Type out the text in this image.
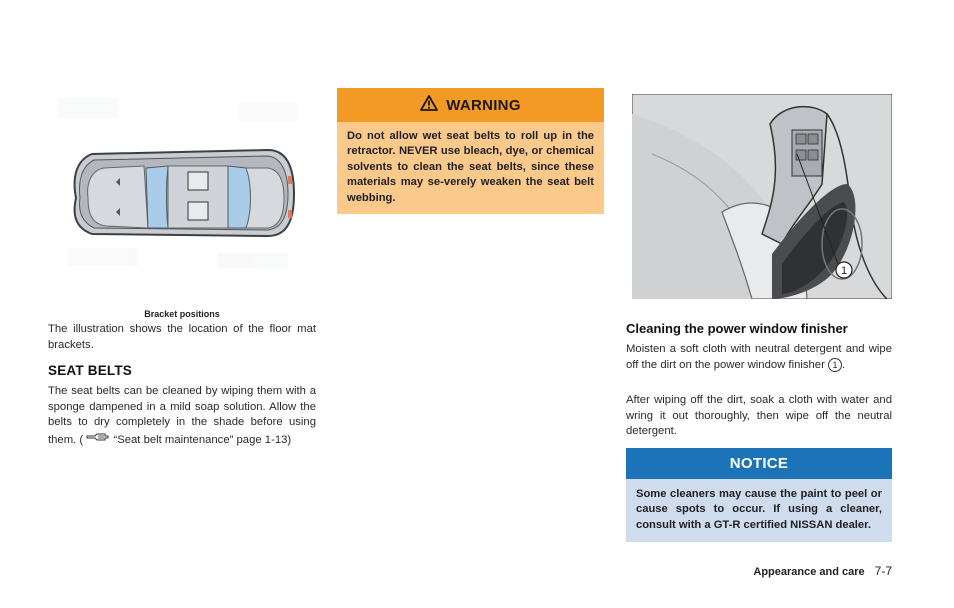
Bracket positions

The illustration shows the location of the floor mat brackets.

SEAT BELTS

The seat belts can be cleaned by wiping them with a sponge dampened in a mild soap solution. Allow the belts to dry completely in the shade before using them. (	“Seat belt maintenance” page 1-13)

WARNING

Do not allow wet seat belts to roll up in the retractor. NEVER use bleach, dye, or chemical solvents to clean the seat belts, since these materials may se-verely weaken the seat belt webbing.

1
Cleaning the power window finisher

Moisten a soft cloth with neutral detergent and wipe off the dirt on the power window finisher 1 .

After wiping off the dirt, soak a cloth with water and wring it out thoroughly, then wipe off the neutral detergent.

NOTICE

Some cleaners may cause the paint to peel or cause spots to occur. If using a cleaner, consult with a GT-R certified NISSAN dealer.

Appearance and care 7-7
